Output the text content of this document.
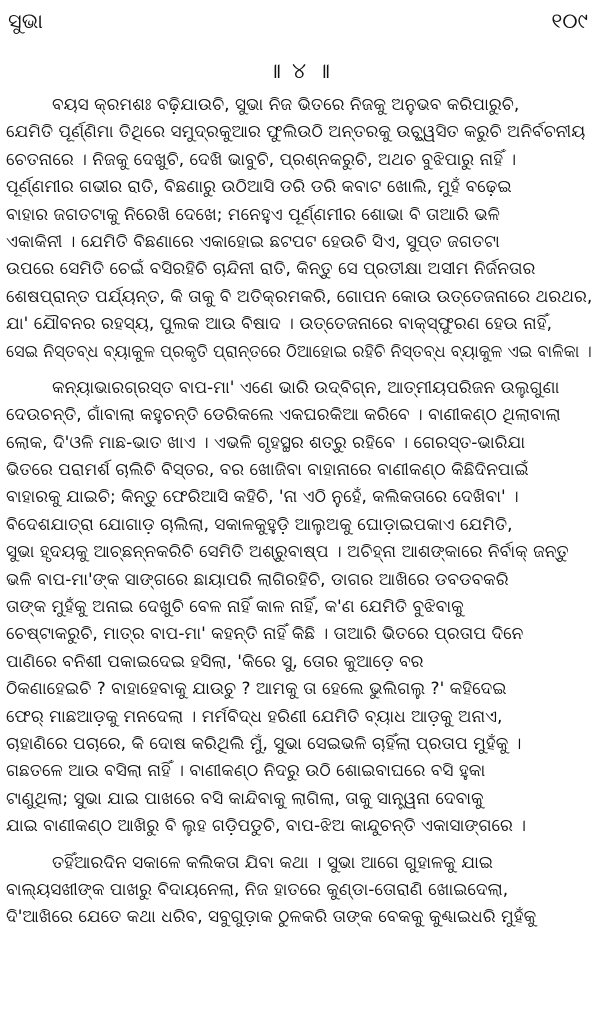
ସୁଭା	୧୦୯
॥ ୪ ॥
ବୟସ କ୍ରମଶଃ ବଢ଼ିଯାଉଚି, ସୁଭା ନିଜ ଭିତରେ ନିଜକୁ ଅନୁଭବ କରିପାରୁଚି,
ଯେମିତି ପୂର୍ଣ୍ଣିମା ତିଥିରେ ସମୁଦ୍ରକୁଆର ଫୁଲିଉଠି ଅନ୍ତରକୁ ଉଚ୍ଛ୍ୱସିତ କରୁଚି ଅନିର୍ବଚନୀୟ
ଚେତନାରେ । ନିଜକୁ ଦେଖୁଚି, ଦେଖି ଭାବୁଚି, ପ୍ରଶ୍ନକରୁଚି, ଅଥଚ ବୁଝିପାରୁ ନାହିଁ ।
ପୂର୍ଣ୍ଣମୀର ଗଭୀର ରାତି, ବିଛଣାରୁ ଉଠିଆସି ଡରି ଡରି କବାଟ ଖୋଲି, ମୁହଁ ବଢ଼େଇ
ବାହାର ଜଗତଟାକୁ ନିରେଖି ଦେଖେ; ମନେହୁଏ ପୂର୍ଣ୍ଣମୀର ଶୋଭା ବି ତାଆରି ଭଳି
ଏକାକିନୀ । ଯେମିତି ବିଛଣାରେ ଏକାହୋଇ ଛଟପଟ ହେଉଚି ସିଏ, ସୁପ୍ତ ଜଗତଟା
ଉପରେ ସେମିତି ଚେଇଁ ବସିରହିଚି ଚାନ୍ଦିନୀ ରାତି, କିନ୍ତୁ ସେ ପ୍ରତୀକ୍ଷା ଅସୀମ ନିର୍ଜନତାର
ଶେଷପ୍ରାନ୍ତ ପର୍ଯ୍ୟନ୍ତ, କି ତାକୁ ବି ଅତିକ୍ରମକରି, ଗୋପନ କୋଉ ଉତ୍ତେଜନାରେ ଥରଥର,
ଯା' ଯୌବନର ରହସ୍ୟ, ପୁଲକ ଆଉ ବିଷାଦ । ଉତ୍ତେଜନାରେ ବାକ୍‌ସ୍ଫୁରଣ ହେଉ ନାହିଁ,
ସେଇ ନିସ୍ତବ୍ଧ ବ୍ୟାକୁଳ ପ୍ରକୃତି ପ୍ରାନ୍ତରେ ଠିଆହୋଇ ରହିଚି ନିସ୍ତବ୍ଧ ବ୍ୟାକୁଳ ଏଇ ବାଳିକା ।
କନ୍ୟାଭାରଗ୍ରସ୍ତ ବାପ-ମା' ଏଣେ ଭାରି ଉଦ୍‌ବିଗ୍ନ, ଆତ୍ମୀୟପରିଜନ ଉଲୁଗୁଣା
ଦେଉଚନ୍ତି, ଗାଁବାଲା କହୁଚନ୍ତି ଡେରିକଲେ ଏକଘରକିଆ କରିବେ । ବାଣୀକଣ୍ଠ ଥିଲାବାଲା
ଲୋକ, ଦି'ଓଳି ମାଛ-ଭାତ ଖାଏ । ଏଭଳି ଗୃହସ୍ଥର ଶତ୍ରୁ ରହିବେ । ଗେରସ୍ତ-ଭାରିଯା
ଭିତରେ ପରାମର୍ଶ ଚାଲିଚି ବିସ୍ତର, ବର ଖୋଜିବା ବାହାନାରେ ବାଣୀକଣ୍ଠ କିଛିଦିନପାଇଁ
ବାହାରକୁ ଯାଇଚି; କିନ୍ତୁ ଫେରିଆସି କହିଚି, 'ନା ଏଠି ନୁହେଁ, କଲିକତାରେ ଦେଖିବା' ।
ବିଦେଶଯାତ୍ରା ଯୋଗାଡ଼ ଚାଲିଲା, ସକାଳକୁହୁଡ଼ି ଆଲୁଅକୁ ଘୋଡ଼ାଇପକାଏ ଯେମିତି,
ସୁଭା ହୃଦୟକୁ ଆଚ୍ଛନ୍ନକରିଚି ସେମିତି ଅଶ୍ରୁବାଷ୍ପ । ଅଚିହ୍ନା ଆଶଙ୍କାରେ ନିର୍ବାକ୍ ଜନ୍ତୁ
ଭଳି ବାପ-ମା'ଙ୍କ ସାଙ୍ଗରେ ଛାୟାପରି ଲାଗିରହିଚି, ଡାଗର ଆଖିରେ ଡବଡବକରି
ତାଙ୍କ ମୁହଁକୁ ଅନାଇ ଦେଖୁଚି ବେଳ ନାହିଁ କାଳ ନାହିଁ, କ'ଣ ଯେମିତି ବୁଝିବାକୁ
ଚେଷ୍ଟାକରୁଚି, ମାତ୍ର ବାପ-ମା' କହନ୍ତି ନାହିଁ କିଛି । ତାଆରି ଭିତରେ ପ୍ରତାପ ଦିନେ
ପାଣିରେ ବନିଶୀ ପକାଇଦେଇ ହସିଲା, 'କିରେ ସୁ, ତୋର କୁଆଡ଼େ ବର
ଠିକଣାହେଇଚି ? ବାହାହେବାକୁ ଯାଉଚୁ ? ଆମକୁ ତା ହେଲେ ଭୁଲିଗଲୁ ?' କହିଦେଇ
ଫେର୍ ମାଛଆଡ଼କୁ ମନଦେଲା । ମର୍ମବିଦ୍ଧ ହରିଣୀ ଯେମିତି ବ୍ୟାଧ ଆଡ଼କୁ ଅନାଏ,
ଚାହାଣିରେ ପଚାରେ, କି ଦୋଷ କରିଥିଲି ମୁଁ, ସୁଭା ସେଇଭଳି ଚାହିଁଲା ପ୍ରତାପ ମୁହଁକୁ ।
ଗଛତଳେ ଆଉ ବସିଲା ନାହିଁ । ବାଣୀକଣ୍ଠ ନିଦରୁ ଉଠି ଶୋଇବାଘରେ ବସି ହୁକା
ଟାଣୁଥିଲା; ସୁଭା ଯାଇ ପାଖରେ ବସି କାନ୍ଦିବାକୁ ଲାଗିଲା, ତାକୁ ସାନ୍ତ୍ୱନା ଦେବାକୁ
ଯାଇ ବାଣୀକଣ୍ଠ ଆଖିରୁ ବି ଲୁହ ଗଡ଼ିପଡୁଚି, ବାପ-ଝିଅ କାନ୍ଦୁଚନ୍ତି ଏକାସାଙ୍ଗରେ ।
ତହିଁଆରଦିନ ସକାଳେ କଲିକତା ଯିବା କଥା । ସୁଭା ଆଗେ ଗୁହାଳକୁ ଯାଇ
ବାଲ୍ୟସଖୀଙ୍କ ପାଖରୁ ବିଦାୟନେଲା, ନିଜ ହାତରେ କୁଣ୍ଡା-ତୋରାଣି ଖୋଇଦେଲା,
ଦି'ଆଖିରେ ଯେତେ କଥା ଧରିବ, ସବୁଗୁଡ଼ାକ ଠୁଳକରି ତାଙ୍କ ବେକକୁ କୁଣ୍ଢାଇଧରି ମୁହଁକୁ
